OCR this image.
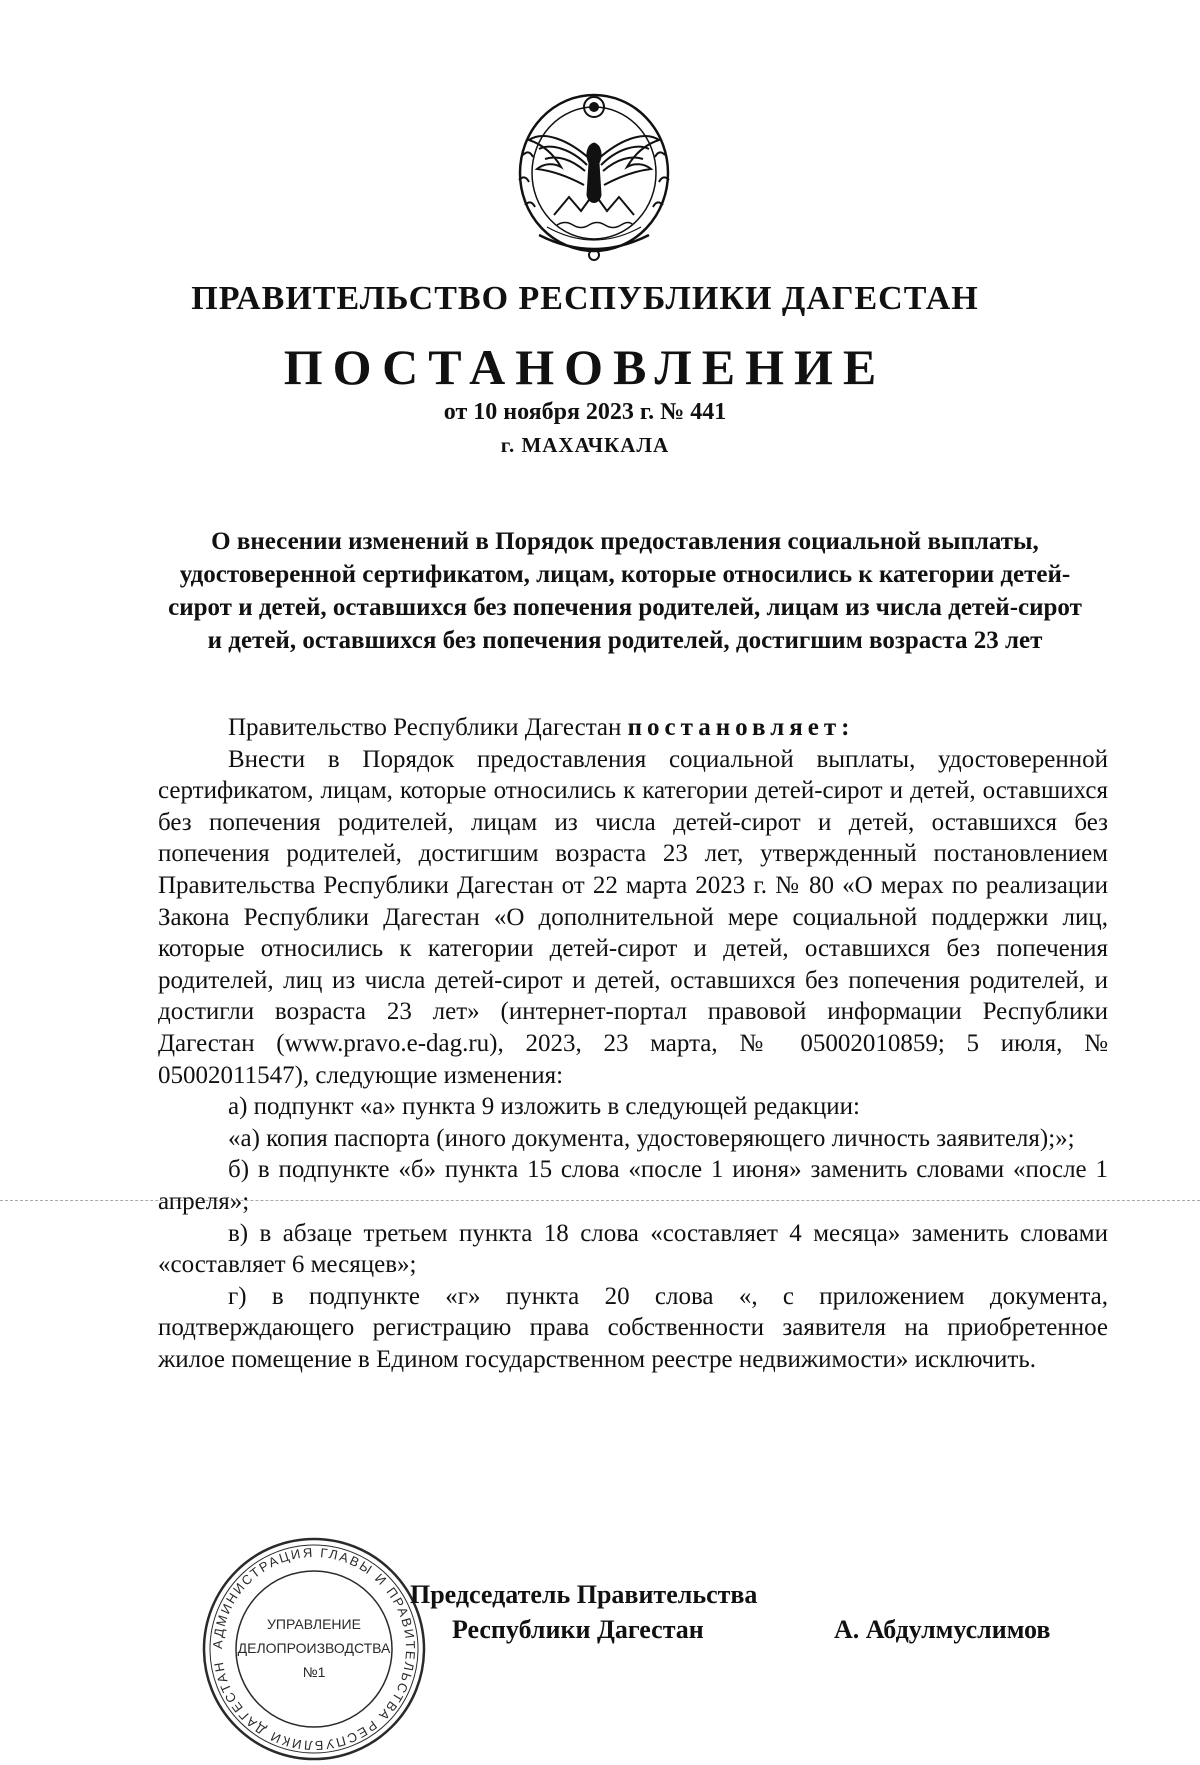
ПРАВИТЕЛЬСТВО РЕСПУБЛИКИ ДАГЕСТАН
ПОСТАНОВЛЕНИЕ
от 10 ноября 2023 г. № 441
г. МАХАЧКАЛА
О внесении изменений в Порядок предоставления социальной выплаты, удостоверенной сертификатом, лицам, которые относились к категории детей-сирот и детей, оставшихся без попечения родителей, лицам из числа детей-сирот и детей, оставшихся без попечения родителей, достигшим возраста 23 лет

Правительство Республики Дагестан постановляет:

Внести в Порядок предоставления социальной выплаты, удостоверенной сертификатом, лицам, которые относились к категории детей-сирот и детей, оставшихся без попечения родителей, лицам из числа детей-сирот и детей, оставшихся без попечения родителей, достигшим возраста 23 лет, утвержденный постановлением Правительства Республики Дагестан от 22 марта 2023 г. № 80 «О мерах по реализации Закона Республики Дагестан «О дополнительной мере социальной поддержки лиц, которые относились к категории детей-сирот и детей, оставшихся без попечения родителей, лиц из числа детей-сирот и детей, оставшихся без попечения родителей, и достигли возраста 23 лет» (интернет-портал правовой информации Республики Дагестан (www.pravo.e-dag.ru), 2023, 23 марта, № 05002010859; 5 июля, № 05002011547), следующие изменения:

а) подпункт «а» пункта 9 изложить в следующей редакции:

«а) копия паспорта (иного документа, удостоверяющего личность заявителя);»;

б) в подпункте «б» пункта 15 слова «после 1 июня» заменить словами «после 1 апреля»;

в) в абзаце третьем пункта 18 слова «составляет 4 месяца» заменить словами «составляет 6 месяцев»;

г) в подпункте «г» пункта 20 слова «, с приложением документа, подтверждающего регистрацию права собственности заявителя на приобретенное жилое помещение в Едином государственном реестре недвижимости» исключить.

АДМИНИСТРАЦИЯ ГЛАВЫ И ПРАВИТЕЛЬСТВА РЕСПУБЛИКИ ДАГЕСТАН
УПРАВЛЕНИЕ
ДЕЛОПРОИЗВОДСТВА
№1
Председатель Правительства
Республики Дагестан	А. Абдулмуслимов
